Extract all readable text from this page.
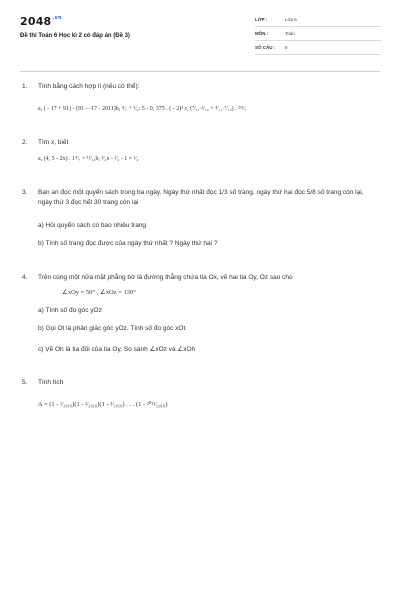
$2048^{.vn}$
Đề thi Toán 6 Học kì 2 có đáp án (Đề 3)
LỚP :	Lớp 6
MÔN :	Toán
SỐ CÂU : 5
1.	Tính bằng cách hợp lí (nếu có thể):
a, ( - 17 + 91) - (91 - -17 - 2011)b, ⁴⁄₇ + ⁵⁄₆: 5 - 0, 375 . ( - 2)² c, (⁷⁄₁₁·⁵⁄₁₂ + ⁴⁄₁₁·⁷⁄₁₂) . ²ʳ⁵⁄₇
2.	Tìm x, biết
a, (4, 5 - 2x) . 1⁴⁄₇ = ¹¹⁄₁₄b, ³⁄₄x - ¹⁄₂ - 1 = ¹⁄₄
3.	Bạn an đọc một quyển sách trong ba ngày. Ngày thứ nhất đọc 1/3 số trang, ngày thứ hai đọc 5/8 số trang còn lại, ngày thứ 3 đọc hết 30 trang còn lại
a) Hỏi quyển sách có bao nhiêu trang
b) Tính số trang đọc được của ngày thứ nhất ? Ngày thứ hai ?
4.	Trên cùng một nửa mặt phẳng bờ là đường thẳng chứa tia Ox, vẽ hai tia Oy, Oz sao cho
∠xOy = 50° , ∠xOz = 130°
a) Tính số đo góc yOz
b) Gọi Ot là phân giác góc yOz. Tính số đo góc xOt
c) Vẽ Oh là tia đối của tia Oy. So sánh ∠xOz và ∠xOh
5.	Tính tích
A = (1 - ¹⁄₂₀₁₀)(1 - ²⁄₂₀₁₀)(1 - ³⁄₂₀₁₀) . . . (1 - ²⁰¹¹⁄₂₀₁₀)
